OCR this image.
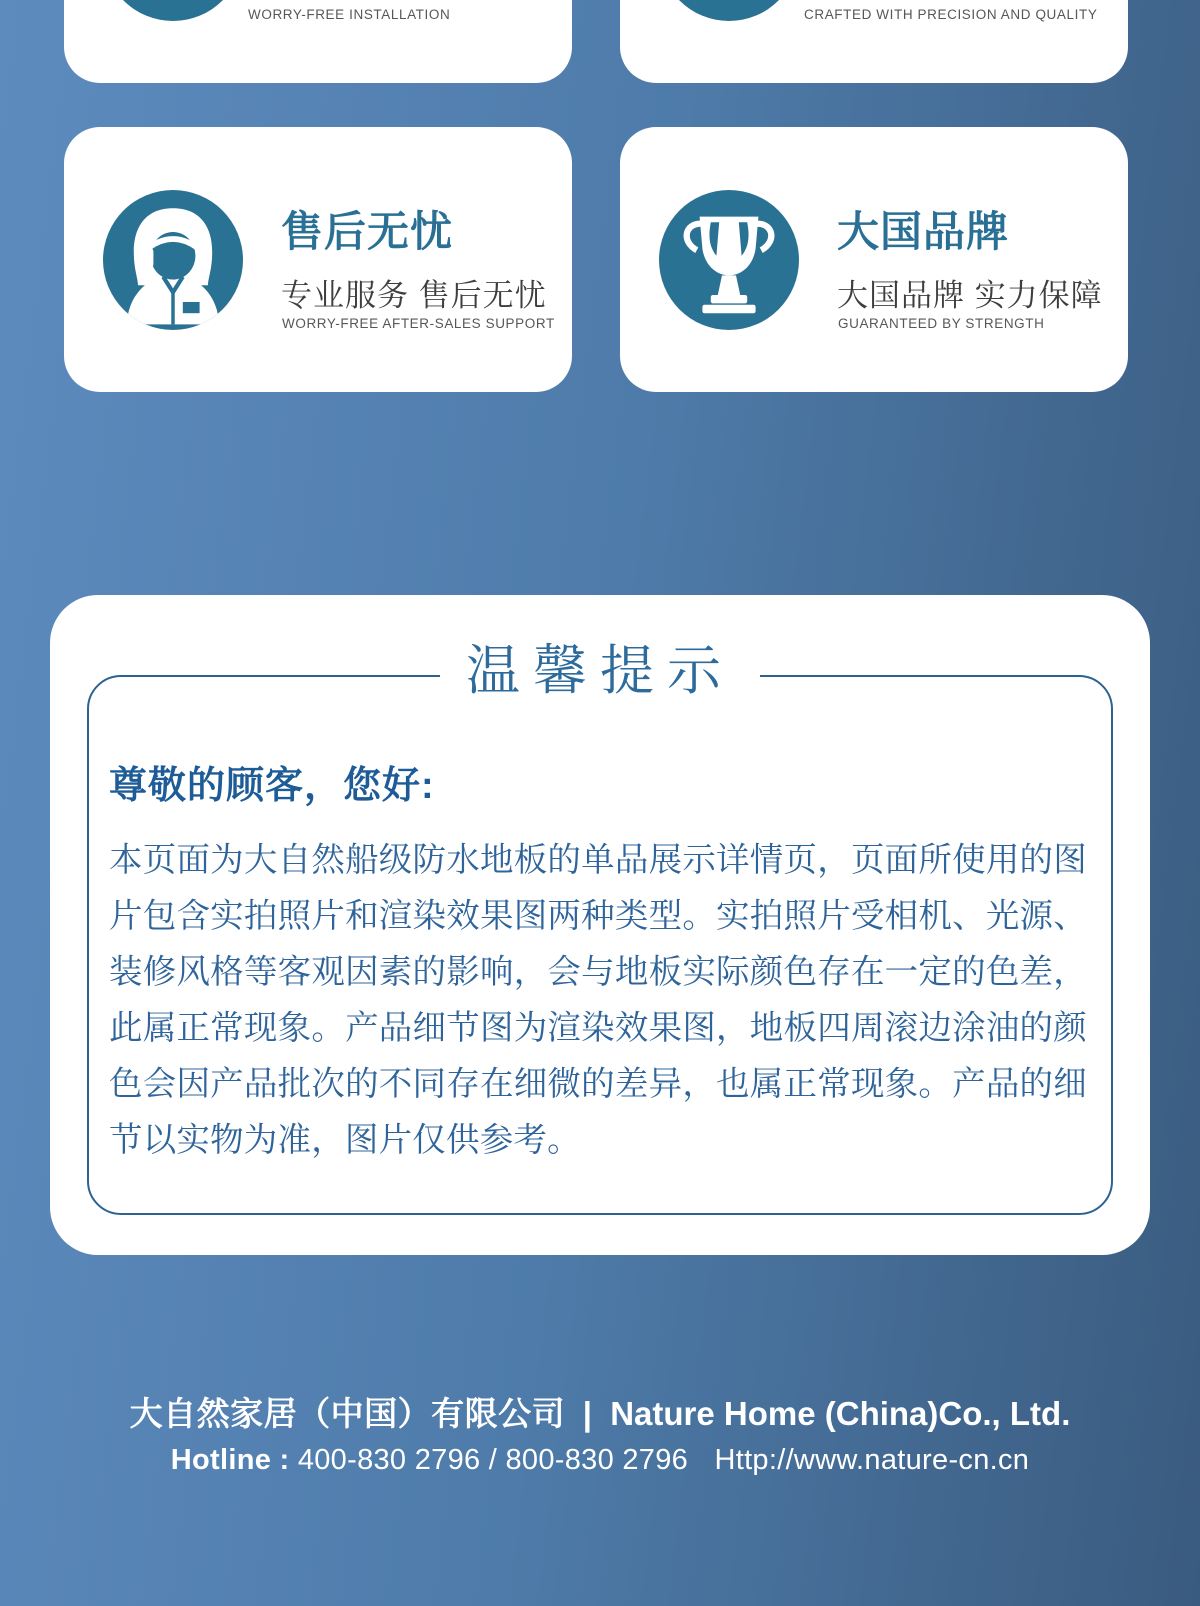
WORRY-FREE INSTALLATION	CRAFTED WITH PRECISION AND QUALITY
售后无忧
专业服务 售后无忧
WORRY-FREE AFTER-SALES SUPPORT
大国品牌
大国品牌 实力保障
GUARANTEED BY STRENGTH
温馨提示
尊敬的顾客，您好:
本页面为大自然船级防水地板的单品展示详情页，页面所使用的图片包含实拍照片和渲染效果图两种类型。实拍照片受相机、光源、装修风格等客观因素的影响，会与地板实际颜色存在一定的色差，此属正常现象。产品细节图为渲染效果图，地板四周滚边涂油的颜色会因产品批次的不同存在细微的差异，也属正常现象。产品的细节以实物为准，图片仅供参考。
大自然家居（中国）有限公司 | Nature Home (China)Co., Ltd.
Hotline : 400-830 2796 / 800-830 2796 Http://www.nature-cn.cn
